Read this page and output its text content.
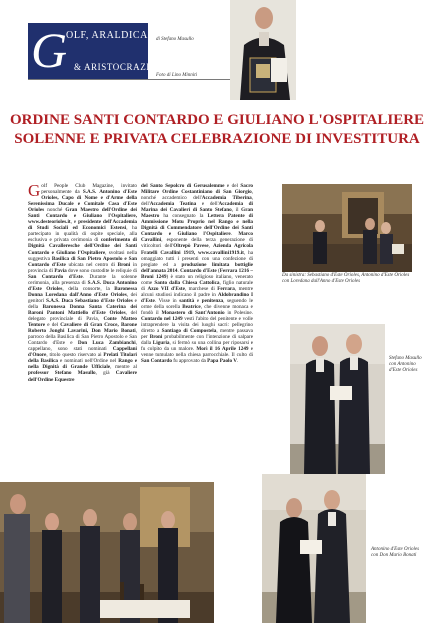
G
OLF, ARALDICA
& ARISTOCRAZIA
di Stefano Masullo
Foto di Lino Minniti
ORDINE SANTI CONTARDO E GIULIANO L'OSPITALIERE
SOLENNE E PRIVATA CELEBRAZIONE DI INVESTITURA
Golf People Club Magazine, invitato personalmente da S.A.S. Antonino d'Este Orioles, Capo di Nome e d'Arme della Serenissima Ducale e Comitale Casa d'Este Orioles nonché Gran Maestro dell'Ordine dei Santi Contardo e Giuliano l'Ospitaliere, www.desteorioles.it, e presidente dell'Accademia di Studi Sociali ed Economici Estensi, ha partecipato in qualità di ospite speciale, alla esclusiva e privata cerimonia di conferimento di Dignità Cavalleresche dell'Ordine dei Santi Contardo e Giuliano l'Ospitaliere, svoltasi nella suggestiva Basilica di San Pietro Apostolo e San Contardo d'Este ubicata nel centro di Broni in provincia di Pavia dove sono custodite le reliquie di San Contardo d'Este. Durante la solenne cerimonia, alla presenza di S.A.S. Duca Antonino d'Este Orioles, della consorte, la Baronessa Donna Loredana dall'Anno d'Este Orioles, dei genitori S.A.S. Duca Sebastiano d'Este Orioles e della Baronessa Donna Santa Caterina dei Baroni Pantoni Mattiello d'Este Orioles, del delegato provinciale di Pavia, Conte Matteo Tentore e del Cavaliere di Gran Croce, Barone Roberto Jonghi Lavarini, Don Mario Bonati, parroco della Basilica di San Pietro Apostolo e San Contardo d'Este e Don Luca Zambianchi, cappellano, sono stati nominati Cappellani d'Onore, titolo questo riservato ai Prelati Titolari della Basilica e nominati nell'Ordine nel Rango e nella Dignità di Grande Ufficiale, mentre al professor Stefano Masullo, già Cavaliere dell'Ordine Equestre
del Santo Sepolcro di Gerusalemme e del Sacro Militare Ordine Costantiniano di San Giorgio, nonché accademico dell'Accademia Tiberina, dell'Accademia Teatina e dell'Accademia di Marina dei Cavalieri di Santo Stefano, il Gran Maestro ha consegnato la Lettera Patente di Ammissione Motu Proprio nel Rango e nella Dignità di Commendatore dell'Ordine dei Santi Contardo e Giuliano l'Ospitaliere. Marco Cavallini, esponente della terza generazione di viticoltori dell'Oltrepò Pavese, Azienda Agricola Fratelli Cavallini 1919, www.cavallini1919.it, ha omaggiato tutti i presenti con una confezione di pregiate ed a produzione limitata bottiglie dell'annata 2014. Contardo d'Este (Ferrara 1216 – Broni 1249) è stato un religioso italiano, venerato come Santo dalla Chiesa Cattolica, figlio naturale di Azzo VII d'Este, marchese di Ferrara, mentre alcuni studiosi indicano il padre in Aldobrandino I d'Este. Visse in santità e penitenza, seguendo le orme della sorella Beatrice, che divenne monaca e fondò il Monastero di Sant'Antonio in Polesine. Contardo nel 1249 vestì l'abito del penitente e volle intraprendere la visita dei luoghi sacri: pellegrino diretto a Santiago di Compostela, mentre passava per Broni probabilmente con l'intenzione di salpare dalla Liguria, si fermò su una collina per riposarsi e fu colpito da un malore. Morì il 16 Aprile 1249 e venne tumulato nella chiesa parrocchiale. Il culto di San Contardo fu approvato da Papa Paolo V.
Da sinistra: Sebastiano d'Este Orioles, Antonino d'Este Orioles con Loredana dall'Anno d'Este Orioles
Stefano Masullo con Antonino d'Este Orioles
Antonino d'Este Orioles con Don Mario Bonati
